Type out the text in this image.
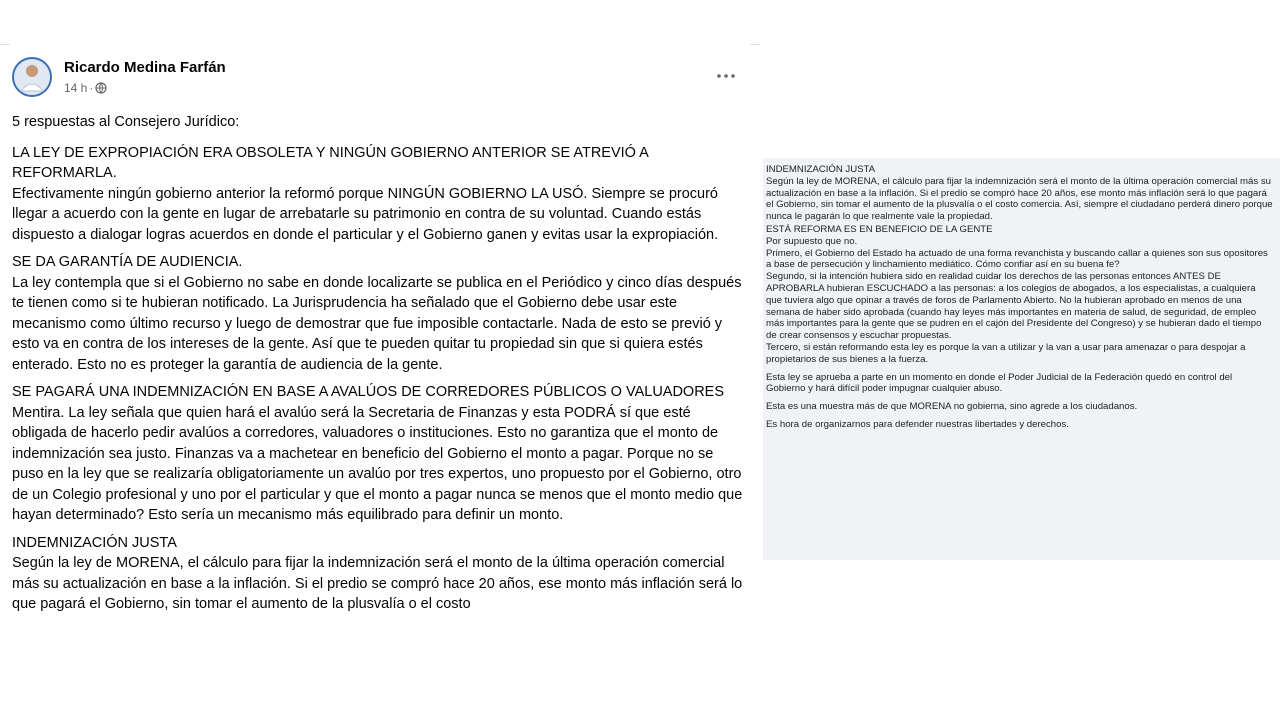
Ricardo Medina Farfán
14 h ·

5 respuestas al Consejero Jurídico:

LA LEY DE EXPROPIACIÓN ERA OBSOLETA Y NINGÚN GOBIERNO ANTERIOR SE ATREVIÓ A REFORMARLA.
Efectivamente ningún gobierno anterior la reformó porque NINGÚN GOBIERNO LA USÓ. Siempre se procuró llegar a acuerdo con la gente en lugar de arrebatarle su patrimonio en contra de su voluntad. Cuando estás dispuesto a dialogar logras acuerdos en donde el particular y el Gobierno ganen y evitas usar la expropiación.

SE DA GARANTÍA DE AUDIENCIA.
La ley contempla que si el Gobierno no sabe en donde localizarte se publica en el Periódico y cinco días después te tienen como si te hubieran notificado. La Jurisprudencia ha señalado que el Gobierno debe usar este mecanismo como último recurso y luego de demostrar que fue imposible contactarle. Nada de esto se previó y esto va en contra de los intereses de la gente. Así que te pueden quitar tu propiedad sin que si quiera estés enterado. Esto no es proteger la garantía de audiencia de la gente.

SE PAGARÁ UNA INDEMNIZACIÓN EN BASE A AVALÚOS DE CORREDORES PÚBLICOS O VALUADORES
Mentira. La ley señala que quien hará el avalúo será la Secretaria de Finanzas y esta PODRÁ sí que esté obligada de hacerlo pedir avalúos a corredores, valuadores o instituciones. Esto no garantiza que el monto de indemnización sea justo. Finanzas va a machetear en beneficio del Gobierno el monto a pagar. Porque no se puso en la ley que se realizaría obligatoriamente un avalúo por tres expertos, uno propuesto por el Gobierno, otro de un Colegio profesional y uno por el particular y que el monto a pagar nunca se menos que el monto medio que hayan determinado? Esto sería un mecanismo más equilibrado para definir un monto.

INDEMNIZACIÓN JUSTA
Según la ley de MORENA, el cálculo para fijar la indemnización será el monto de la última operación comercial más su actualización en base a la inflación. Si el predio se compró hace 20 años, ese monto más inflación será lo que pagará el Gobierno, sin tomar el aumento de la plusvalía o el costo

INDEMNIZACIÓN JUSTA
Según la ley de MORENA, el cálculo para fijar la indemnización será el monto de la última operación comercial más su actualización en base a la inflación. Si el predio se compró hace 20 años, ese monto más inflación será lo que pagará el Gobierno, sin tomar el aumento de la plusvalía o el costo comercia. Así, siempre el ciudadano perderá dinero porque nunca le pagarán lo que realmente vale la propiedad.

ESTÁ REFORMA ES EN BENEFICIO DE LA GENTE
Por supuesto que no.
Primero, el Gobierno del Estado ha actuado de una forma revanchista y buscando callar a quienes son sus opositores a base de persecución y linchamiento mediático. Cómo confiar así en su buena fe?
Segundo, si la intención hubiera sido en realidad cuidar los derechos de las personas entonces ANTES DE APROBARLA hubieran ESCUCHADO a las personas: a los colegios de abogados, a los especialistas, a cualquiera que tuviera algo que opinar a través de foros de Parlamento Abierto. No la hubieran aprobado en menos de una semana de haber sido aprobada (cuando hay leyes más importantes en materia de salud, de seguridad, de empleo más importantes para la gente que se pudren en el cajón del Presidente del Congreso) y se hubieran dado el tiempo de crear consensos y escuchar propuestas.
Tercero, si están reformando esta ley es porque la van a utilizar y la van a usar para amenazar o para despojar a propietarios de sus bienes a la fuerza.

Esta ley se aprueba a parte en un momento en donde el Poder Judicial de la Federación quedó en control del Gobierno y hará difícil poder impugnar cualquier abuso.

Esta es una muestra más de que MORENA no gobierna, sino agrede a los ciudadanos.

Es hora de organizarnos para defender nuestras libertades y derechos.
